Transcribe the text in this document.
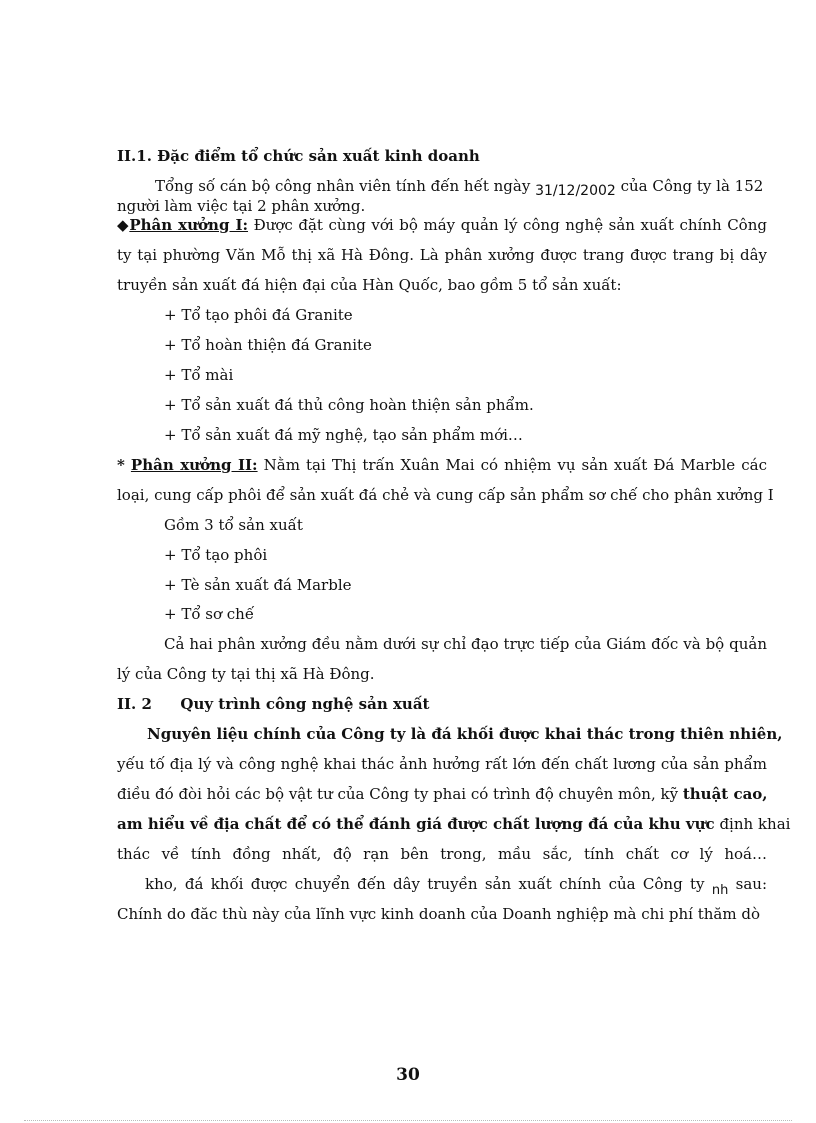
II.1. Đặc điểm tổ chức sản xuất kinh doanh
Tổng số cán bộ công nhân viên tính đến hết ngày 31/12/2002 của Công ty là 152
người làm việc tại 2 phân xưởng.
◆Phân xưởng I: Được đặt cùng với bộ máy quản lý công nghệ sản xuất chính Công
ty tại phường Văn Mỗ thị xã Hà Đông. Là phân xưởng được trang được trang bị dây
truyền sản xuất đá hiện đại của Hàn Quốc, bao gồm 5 tổ sản xuất:
+ Tổ tạo phôi đá Granite
+ Tổ hoàn thiện đá Granite
+ Tổ mài
+ Tổ sản xuất đá thủ công hoàn thiện sản phẩm.
+ Tổ sản xuất đá mỹ nghệ, tạo sản phẩm mới…
* Phân xưởng II: Nằm tại Thị trấn Xuân Mai có nhiệm vụ sản xuất Đá Marble các
loại, cung cấp phôi để sản xuất đá chẻ và cung cấp sản phẩm sơ chế cho phân xưởng I
Gồm 3 tổ sản xuất
+ Tổ tạo phôi
+ Tè sản xuất đá Marble
+ Tổ sơ chế
Cả hai phân xưởng đều nằm dưới sự chỉ đạo trực tiếp của Giám đốc và bộ quản
lý của Công ty tại thị xã Hà Đông.
II. 2 Quy trình công nghệ sản xuất
Nguyên liệu chính của Công ty là đá khối được khai thác trong thiên nhiên,
yếu tố địa lý và công nghệ khai thác ảnh hưởng rất lớn đến chất lương của sản phẩm
điều đó đòi hỏi các bộ vật tư của Công ty phai có trình độ chuyên môn, kỹ thuật cao,
am hiểu về địa chất để có thể đánh giá được chất lượng đá của khu vực định khai
thác về tính đồng nhất, độ rạn bên trong, mầu sắc, tính chất cơ lý hoá…
kho, đá khối được chuyển đến dây truyền sản xuất chính của Công ty nh sau:
Chính do đăc thù này của lĩnh vực kinh doanh của Doanh nghiệp mà chi phí thăm dò
30
